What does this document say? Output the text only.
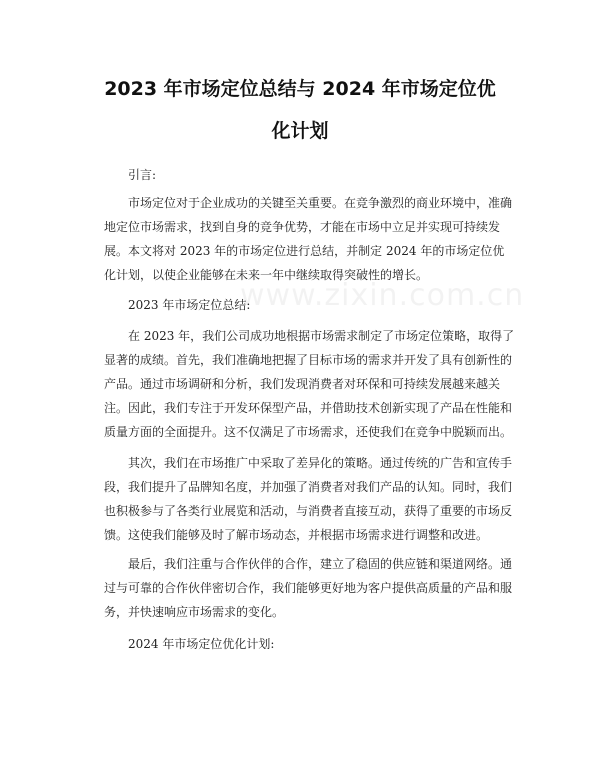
www.zixin.com.cn
2023 年市场定位总结与 2024 年市场定位优
化计划

引言:

市场定位对于企业成功的关键至关重要。在竞争激烈的商业环境中，准确地定位市场需求，找到自身的竞争优势，才能在市场中立足并实现可持续发展。本文将对 2023 年的市场定位进行总结，并制定 2024 年的市场定位优化计划，以使企业能够在未来一年中继续取得突破性的增长。

2023 年市场定位总结:

在 2023 年，我们公司成功地根据市场需求制定了市场定位策略，取得了显著的成绩。首先，我们准确地把握了目标市场的需求并开发了具有创新性的产品。通过市场调研和分析，我们发现消费者对环保和可持续发展越来越关注。因此，我们专注于开发环保型产品，并借助技术创新实现了产品在性能和质量方面的全面提升。这不仅满足了市场需求，还使我们在竞争中脱颖而出。

其次，我们在市场推广中采取了差异化的策略。通过传统的广告和宣传手段，我们提升了品牌知名度，并加强了消费者对我们产品的认知。同时，我们也积极参与了各类行业展览和活动，与消费者直接互动，获得了重要的市场反馈。这使我们能够及时了解市场动态，并根据市场需求进行调整和改进。

最后，我们注重与合作伙伴的合作，建立了稳固的供应链和渠道网络。通过与可靠的合作伙伴密切合作，我们能够更好地为客户提供高质量的产品和服务，并快速响应市场需求的变化。

2024 年市场定位优化计划:
